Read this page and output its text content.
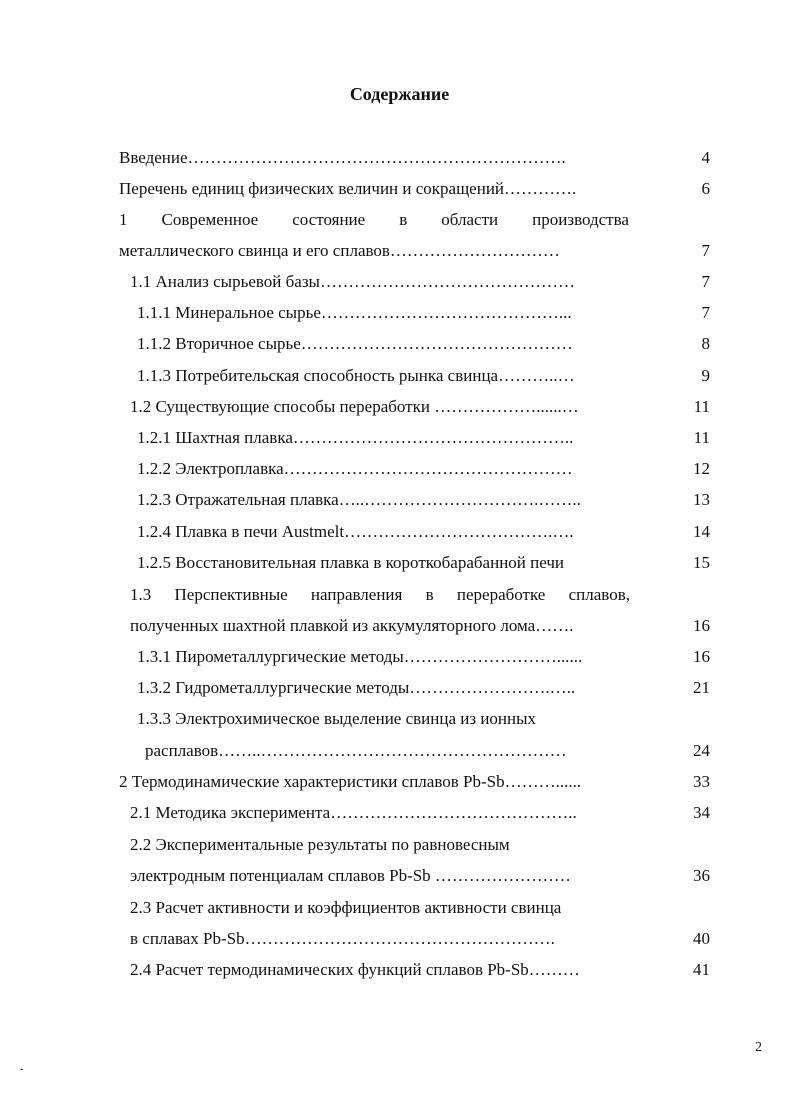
Содержание
Введение………………………………………………………….	4
Перечень единиц физических величин и сокращений………….	6
1 Современное состояние в области производства
металлического свинца и его сплавов…………………………	7
1.1 Анализ сырьевой базы………………………………………	7
1.1.1 Минеральное сырье……………………………………...	7
1.1.2 Вторичное сырье…………………………………………	8
1.1.3 Потребительская способность рынка свинца………..…	9
1.2 Существующие способы переработки ………………......…	11
1.2.1 Шахтная плавка…………………………………………..	11
1.2.2 Электроплавка……………………………………………	12
1.2.3 Отражательная плавка…..………………………….……..	13
1.2.4 Плавка в печи Austmelt……………………………….….	14
1.2.5 Восстановительная плавка в короткобарабанной печи	15
1.3 Перспективные направления в переработке сплавов,
полученных шахтной плавкой из аккумуляторного лома…….	16
1.3.1 Пирометаллургические методы………………………......	16
1.3.2 Гидрометаллургические методы…………………….…..	21
1.3.3 Электрохимическое выделение свинца из ионных
расплавов……..………………………………………………	24
2 Термодинамические характеристики сплавов Pb-Sb………......	33
2.1 Методика эксперимента……………………………………..	34
2.2 Экспериментальные результаты по равновесным
электродным потенциалам сплавов Pb-Sb ……………………	36
2.3 Расчет активности и коэффициентов активности свинца
в сплавах Pb-Sb……………………………………………….	40
2.4 Расчет термодинамических функций сплавов Pb-Sb………	41
2
-
